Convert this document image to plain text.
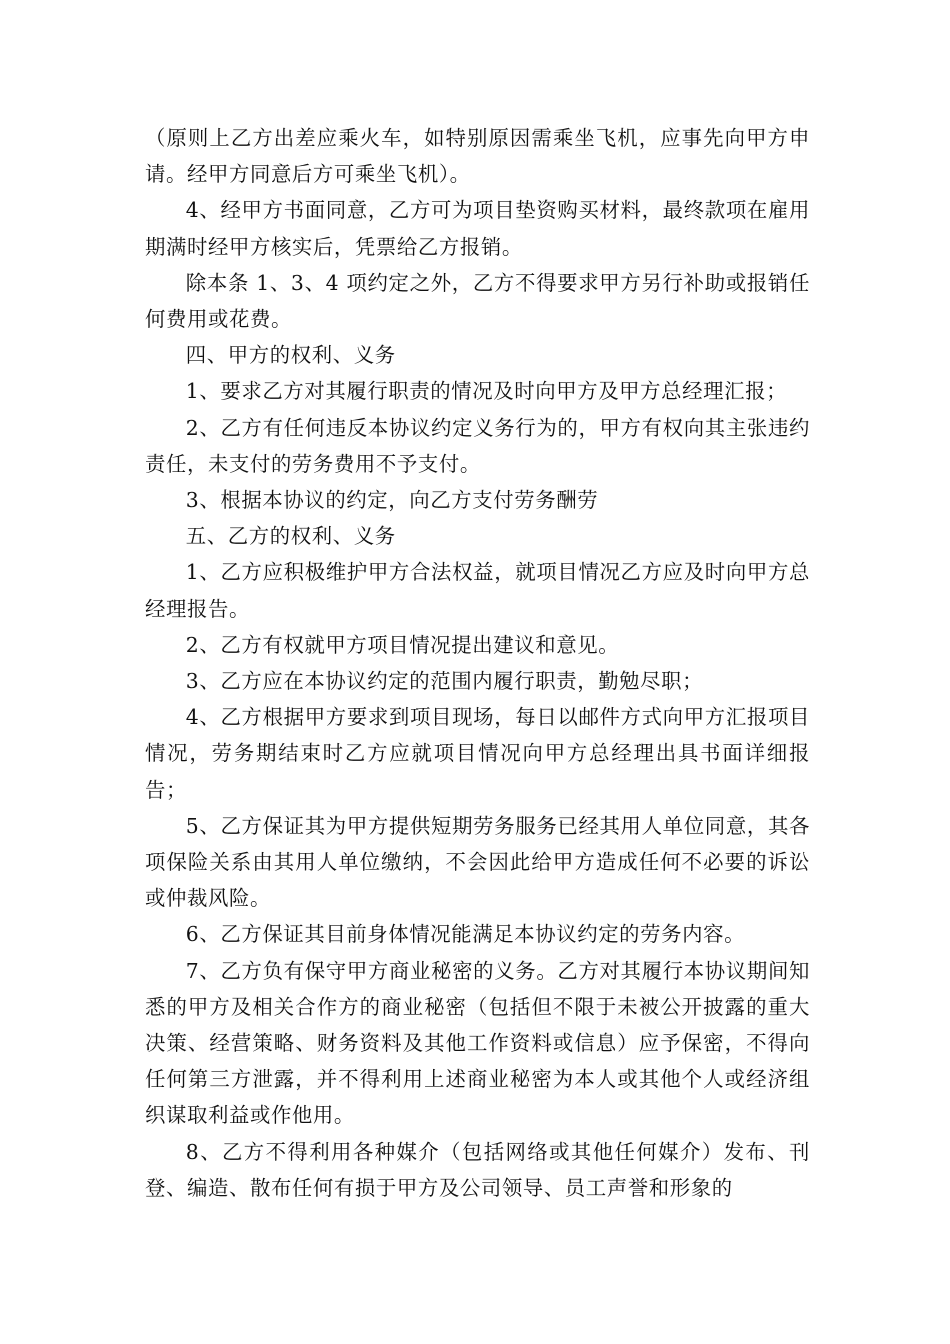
（原则上乙方出差应乘火车，如特别原因需乘坐飞机，应事先向甲方申请。经甲方同意后方可乘坐飞机）。

4、经甲方书面同意，乙方可为项目垫资购买材料，最终款项在雇用期满时经甲方核实后，凭票给乙方报销。

除本条 1、3、4 项约定之外，乙方不得要求甲方另行补助或报销任何费用或花费。

四、甲方的权利、义务

1、要求乙方对其履行职责的情况及时向甲方及甲方总经理汇报；

2、乙方有任何违反本协议约定义务行为的，甲方有权向其主张违约责任，未支付的劳务费用不予支付。

3、根据本协议的约定，向乙方支付劳务酬劳

五、乙方的权利、义务

1、乙方应积极维护甲方合法权益，就项目情况乙方应及时向甲方总经理报告。

2、乙方有权就甲方项目情况提出建议和意见。

3、乙方应在本协议约定的范围内履行职责，勤勉尽职；

4、乙方根据甲方要求到项目现场，每日以邮件方式向甲方汇报项目情况，劳务期结束时乙方应就项目情况向甲方总经理出具书面详细报告；

5、乙方保证其为甲方提供短期劳务服务已经其用人单位同意，其各项保险关系由其用人单位缴纳，不会因此给甲方造成任何不必要的诉讼或仲裁风险。

6、乙方保证其目前身体情况能满足本协议约定的劳务内容。

7、乙方负有保守甲方商业秘密的义务。乙方对其履行本协议期间知悉的甲方及相关合作方的商业秘密（包括但不限于未被公开披露的重大决策、经营策略、财务资料及其他工作资料或信息）应予保密，不得向任何第三方泄露，并不得利用上述商业秘密为本人或其他个人或经济组织谋取利益或作他用。

8、乙方不得利用各种媒介（包括网络或其他任何媒介）发布、刊登、编造、散布任何有损于甲方及公司领导、员工声誉和形象的
